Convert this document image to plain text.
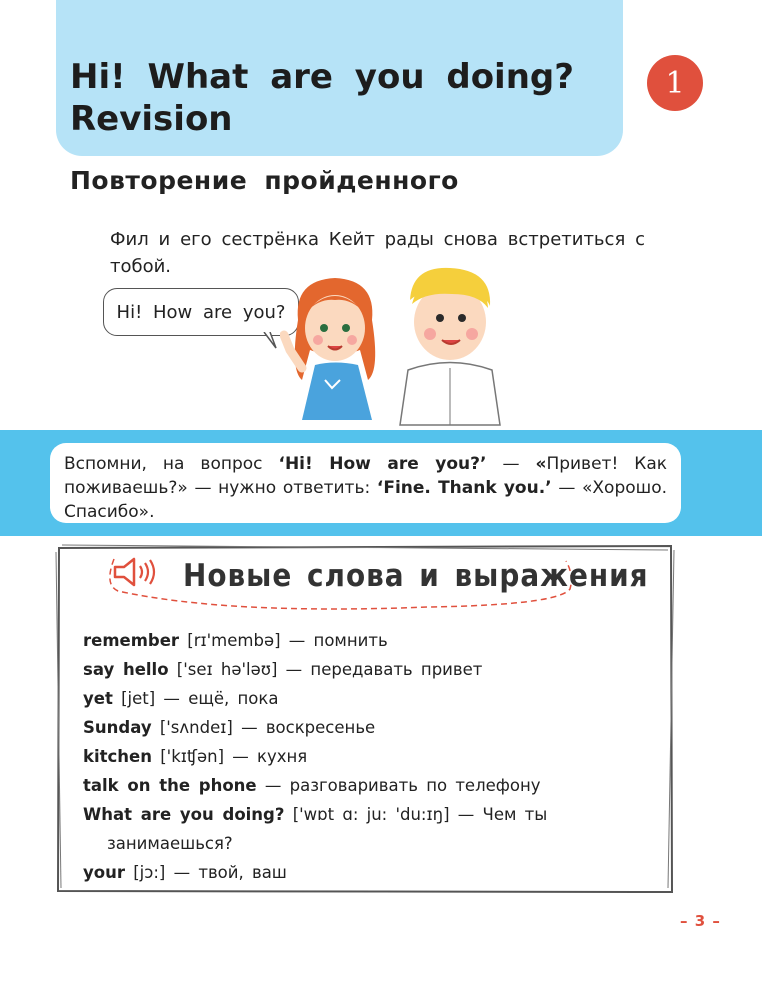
Hi! What are you doing?
Revision
1
Повторение пройденного

Фил и его сестрёнка Кейт рады снова встретиться с тобой.

Hi! How are you?
Вспомни, на вопрос ‘Hi! How are you?’ — «Привет! Как поживаешь?» — нужно ответить: ‘Fine. Thank you.’ — «Хорошо. Спасибо».
Новые слова и выражения
remember [rɪ'membə] — помнить
say hello ['seɪ hə'ləʊ] — передавать привет
yet [jet] — ещё, пока
Sunday ['sʌndeɪ] — воскресенье
kitchen ['kɪʧən] — кухня
talk on the phone — разговаривать по телефону
What are you doing? ['wɒt ɑ: ju: 'du:ɪŋ] — Чем ты
занимаешься?
your [jɔ:] — твой, ваш
– 3 –
